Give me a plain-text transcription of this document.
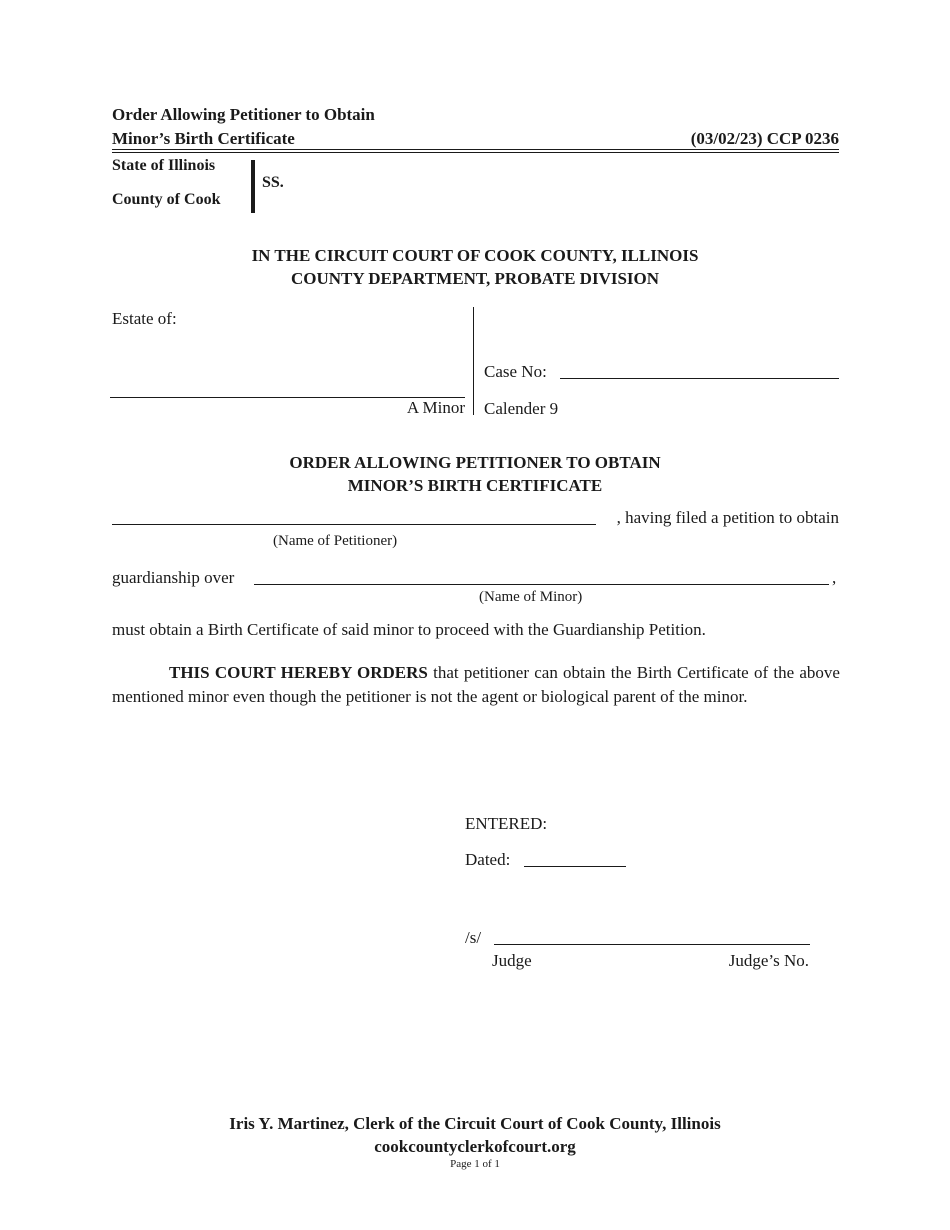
Order Allowing Petitioner to Obtain
Minor’s Birth Certificate	(03/02/23) CCP 0236
State of Illinois
County of Cook
SS.
IN THE CIRCUIT COURT OF COOK COUNTY, ILLINOIS
COUNTY DEPARTMENT, PROBATE DIVISION
Estate of:
A Minor
Case No:
Calender 9
ORDER ALLOWING PETITIONER TO OBTAIN
MINOR’S BIRTH CERTIFICATE
, having filed a petition to obtain
(Name of Petitioner)
guardianship over	,
(Name of Minor)
must obtain a Birth Certificate of said minor to proceed with the Guardianship Petition.
THIS COURT HEREBY ORDERS that petitioner can obtain the Birth Certificate of the above mentioned minor even though the petitioner is not the agent or biological parent of the minor.
ENTERED:
Dated:
/s/
Judge	Judge’s No.
Iris Y. Martinez, Clerk of the Circuit Court of Cook County, Illinois
cookcountyclerkofcourt.org
Page 1 of 1
